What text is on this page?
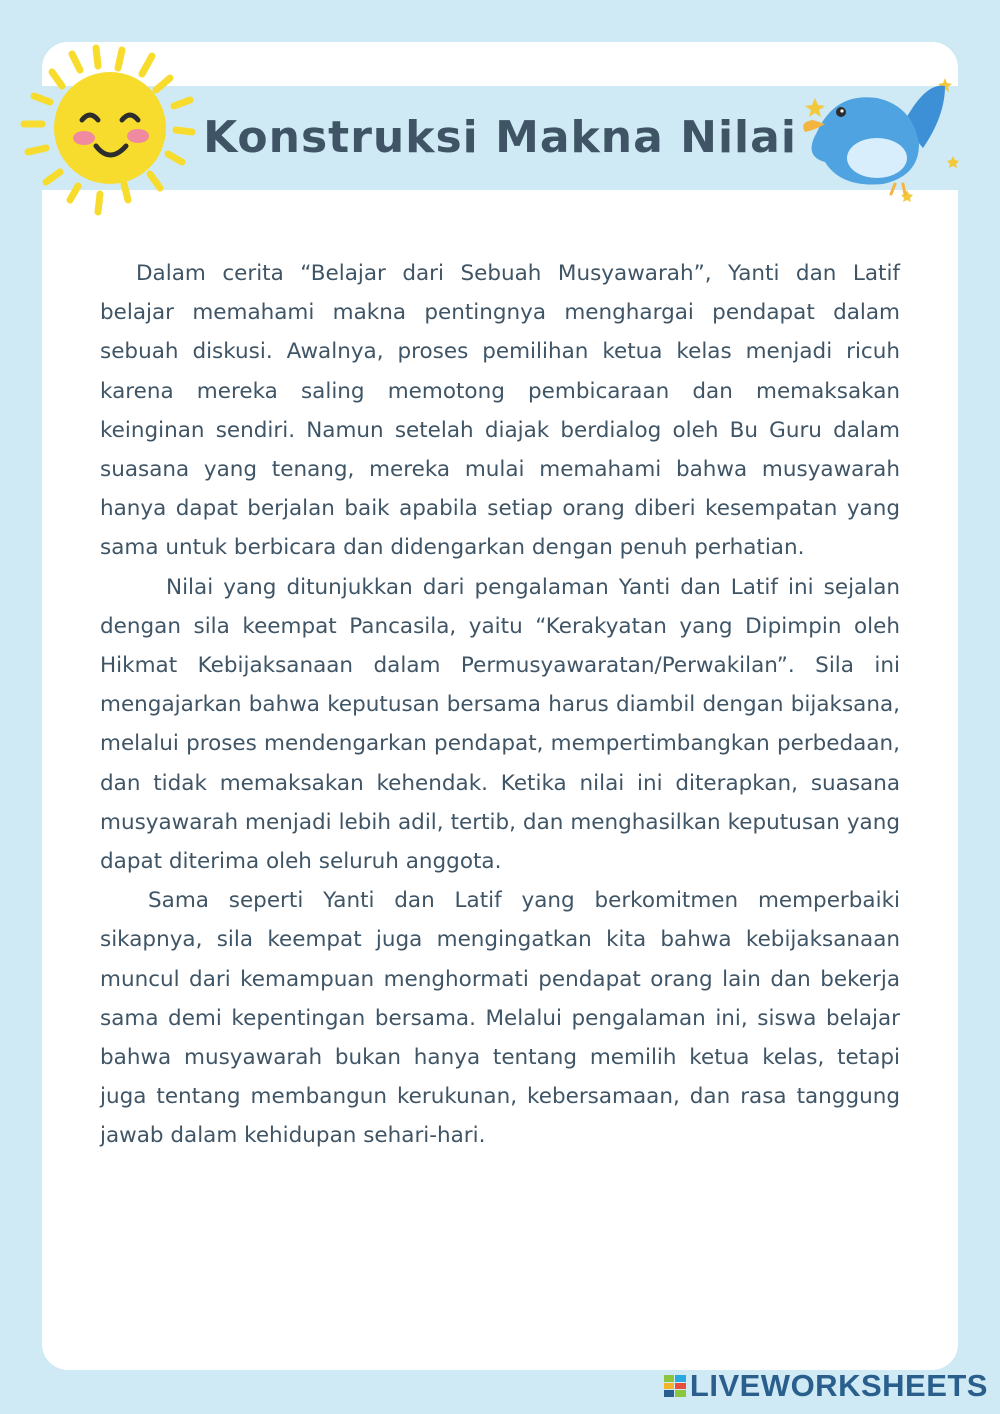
Konstruksi Makna Nilai

Dalam cerita “Belajar dari Sebuah Musyawarah”, Yanti dan Latif belajar memahami makna pentingnya menghargai pendapat dalam sebuah diskusi. Awalnya, proses pemilihan ketua kelas menjadi ricuh karena mereka saling memotong pembicaraan dan memaksakan keinginan sendiri. Namun setelah diajak berdialog oleh Bu Guru dalam suasana yang tenang, mereka mulai memahami bahwa musyawarah hanya dapat berjalan baik apabila setiap orang diberi kesempatan yang sama untuk berbicara dan didengarkan dengan penuh perhatian.

Nilai yang ditunjukkan dari pengalaman Yanti dan Latif ini sejalan dengan sila keempat Pancasila, yaitu “Kerakyatan yang Dipimpin oleh Hikmat Kebijaksanaan dalam Permusyawaratan/Perwakilan”. Sila ini mengajarkan bahwa keputusan bersama harus diambil dengan bijaksana, melalui proses mendengarkan pendapat, mempertimbangkan perbedaan, dan tidak memaksakan kehendak. Ketika nilai ini diterapkan, suasana musyawarah menjadi lebih adil, tertib, dan menghasilkan keputusan yang dapat diterima oleh seluruh anggota.

Sama seperti Yanti dan Latif yang berkomitmen memperbaiki sikapnya, sila keempat juga mengingatkan kita bahwa kebijaksanaan muncul dari kemampuan menghormati pendapat orang lain dan bekerja sama demi kepentingan bersama. Melalui pengalaman ini, siswa belajar bahwa musyawarah bukan hanya tentang memilih ketua kelas, tetapi juga tentang membangun kerukunan, kebersamaan, dan rasa tanggung jawab dalam kehidupan sehari-hari.

LIVEWORKSHEETS
